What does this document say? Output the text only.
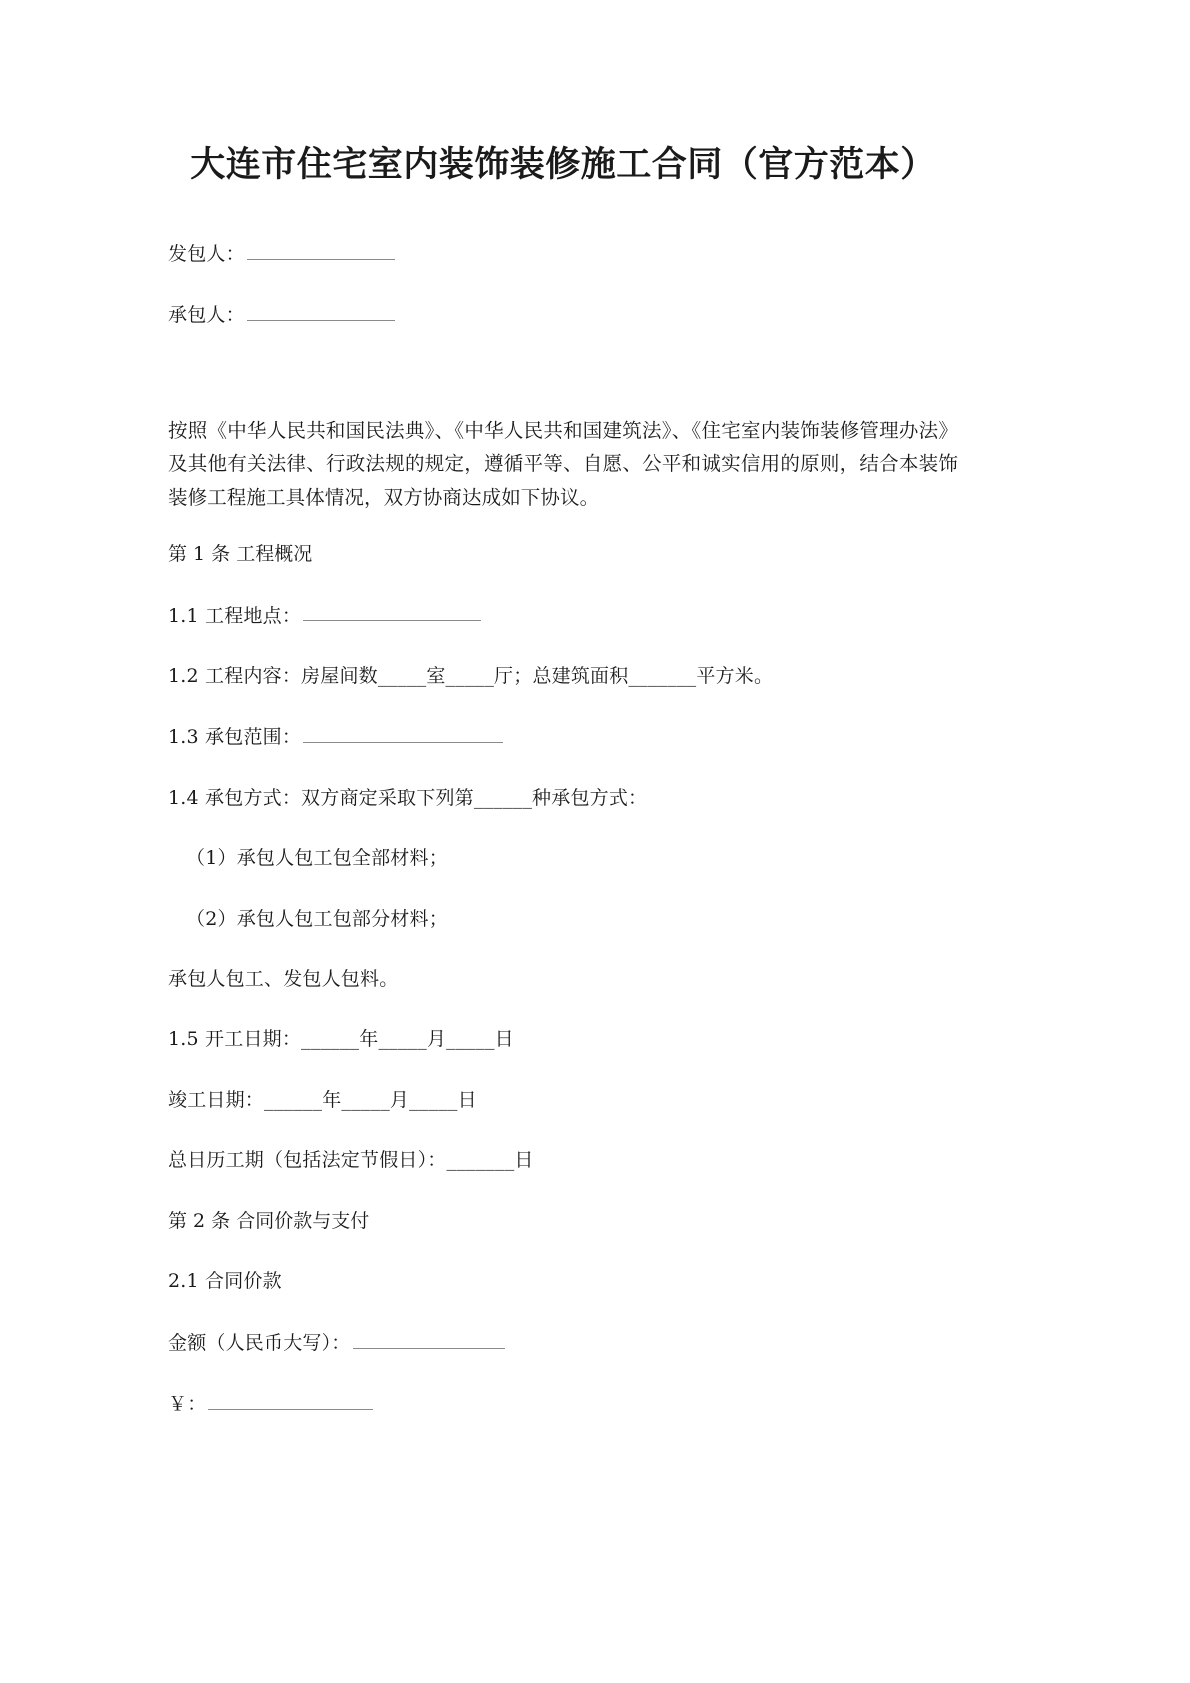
大连市住宅室内装饰装修施工合同（官方范本）

发包人：

承包人：

按照《中华人民共和国民法典》、《中华人民共和国建筑法》、《住宅室内装饰装修管理办法》及其他有关法律、行政法规的规定，遵循平等、自愿、公平和诚实信用的原则，结合本装饰装修工程施工具体情况，双方协商达成如下协议。

第 1 条 工程概况

1.1 工程地点：

1.2 工程内容：房屋间数_____室_____厅；总建筑面积_______平方米。

1.3 承包范围：

1.4 承包方式：双方商定采取下列第______种承包方式：

（1）承包人包工包全部材料；

（2）承包人包工包部分材料；

承包人包工、发包人包料。

1.5 开工日期：______年_____月_____日

竣工日期：______年_____月_____日

总日历工期（包括法定节假日）：_______日

第 2 条 合同价款与支付

2.1 合同价款

金额（人民币大写）：

￥：
